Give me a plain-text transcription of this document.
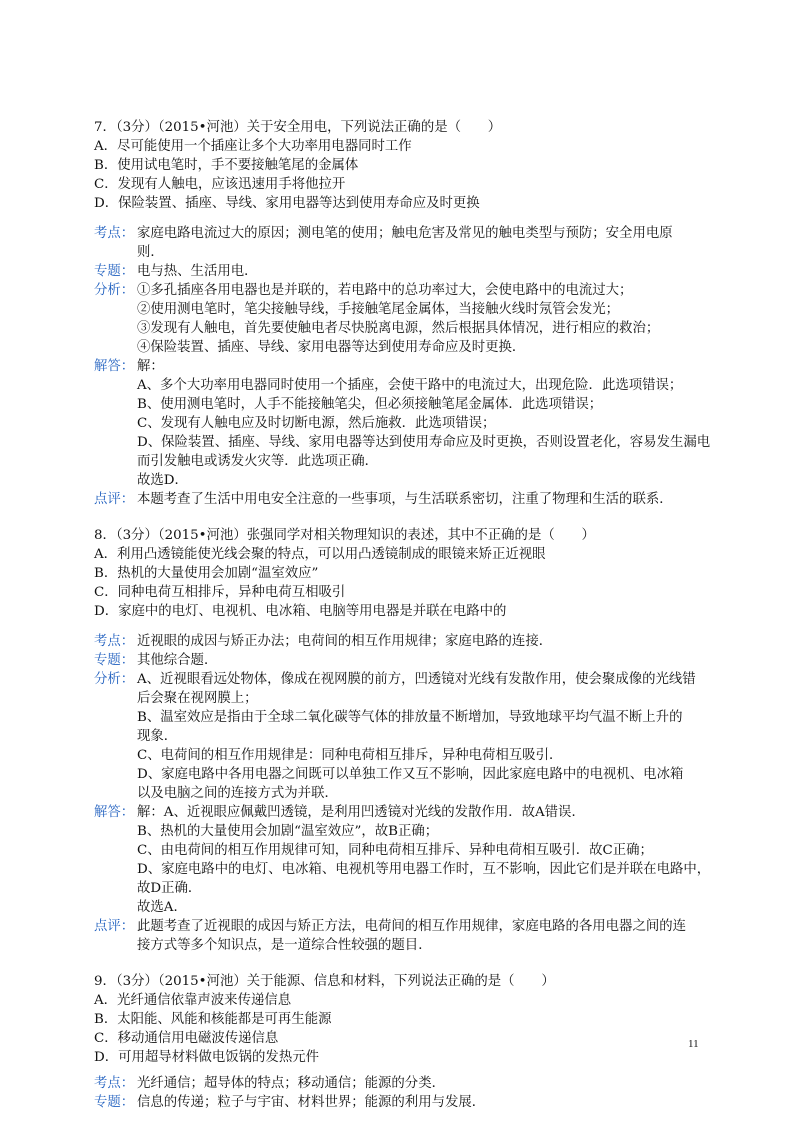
7．（3分）（2015•河池）关于安全用电，下列说法正确的是（　　）
A．尽可能使用一个插座让多个大功率用电器同时工作
B．使用试电笔时，手不要接触笔尾的金属体
C．发现有人触电，应该迅速用手将他拉开
D．保险装置、插座、导线、家用电器等达到使用寿命应及时更换
考点： 家庭电路电流过大的原因；测电笔的使用；触电危害及常见的触电类型与预防；安全用电原
则．
专题： 电与热、生活用电．
分析： ①多孔插座各用电器也是并联的，若电路中的总功率过大，会使电路中的电流过大；
②使用测电笔时，笔尖接触导线，手接触笔尾金属体，当接触火线时氖管会发光；
③发现有人触电，首先要使触电者尽快脱离电源，然后根据具体情况，进行相应的救治；
④保险装置、插座、导线、家用电器等达到使用寿命应及时更换．
解答： 解：
A、多个大功率用电器同时使用一个插座，会使干路中的电流过大，出现危险．此选项错误；
B、使用测电笔时，人手不能接触笔尖，但必须接触笔尾金属体．此选项错误；
C、发现有人触电应及时切断电源，然后施救．此选项错误；
D、保险装置、插座、导线、家用电器等达到使用寿命应及时更换，否则设置老化，容易发生漏电
而引发触电或诱发火灾等．此选项正确．
故选D．
点评： 本题考查了生活中用电安全注意的一些事项，与生活联系密切，注重了物理和生活的联系．
8．（3分）（2015•河池）张强同学对相关物理知识的表述，其中不正确的是（　　）
A．利用凸透镜能使光线会聚的特点，可以用凸透镜制成的眼镜来矫正近视眼
B．热机的大量使用会加剧“温室效应”
C．同种电荷互相排斥，异种电荷互相吸引
D．家庭中的电灯、电视机、电冰箱、电脑等用电器是并联在电路中的
考点： 近视眼的成因与矫正办法；电荷间的相互作用规律；家庭电路的连接．
专题： 其他综合题．
分析： A、近视眼看远处物体，像成在视网膜的前方，凹透镜对光线有发散作用，使会聚成像的光线错
后会聚在视网膜上；
B、温室效应是指由于全球二氧化碳等气体的排放量不断增加，导致地球平均气温不断上升的
现象．
C、电荷间的相互作用规律是：同种电荷相互排斥，异种电荷相互吸引．
D、家庭电路中各用电器之间既可以单独工作又互不影响，因此家庭电路中的电视机、电冰箱
以及电脑之间的连接方式为并联．
解答： 解：A、近视眼应佩戴凹透镜，是利用凹透镜对光线的发散作用．故A错误．
B、热机的大量使用会加剧“温室效应”，故B正确；
C、由电荷间的相互作用规律可知，同种电荷相互排斥、异种电荷相互吸引．故C正确；
D、家庭电路中的电灯、电冰箱、电视机等用电器工作时，互不影响，因此它们是并联在电路中，
故D正确．
故选A．
点评： 此题考查了近视眼的成因与矫正方法，电荷间的相互作用规律，家庭电路的各用电器之间的连
接方式等多个知识点，是一道综合性较强的题目．
9．（3分）（2015•河池）关于能源、信息和材料，下列说法正确的是（　　）
A．光纤通信依靠声波来传递信息
B．太阳能、风能和核能都是可再生能源
C．移动通信用电磁波传递信息
D．可用超导材料做电饭锅的发热元件
考点： 光纤通信；超导体的特点；移动通信；能源的分类．
专题： 信息的传递；粒子与宇宙、材料世界；能源的利用与发展．
11
